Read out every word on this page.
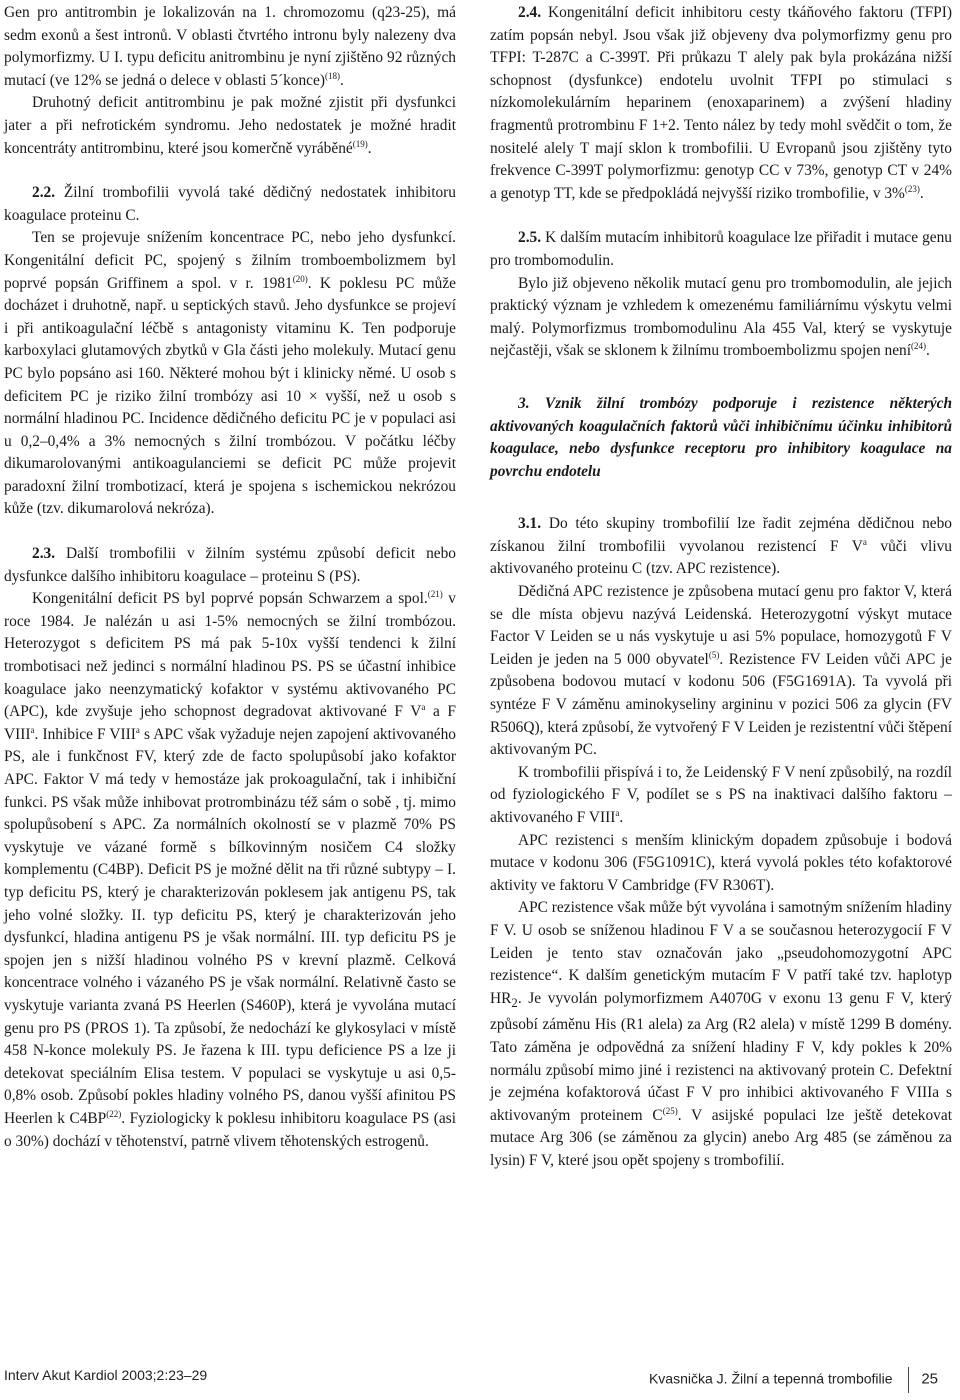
Gen pro antitrombin je lokalizován na 1. chromozomu (q23-25), má sedm exonů a šest intronů. V oblasti čtvrtého intronu byly nalezeny dva polymorfizmy. U I. typu deficitu anitrombinu je nyní zjištěno 92 různých mutací (ve 12% se jedná o delece v oblasti 5´konce)$^{(18)}$.

Druhotný deficit antitrombinu je pak možné zjistit při dysfunkci jater a při nefrotickém syndromu. Jeho nedostatek je možné hradit koncentráty antitrombinu, které jsou komerčně vyráběné$^{(19)}$.

2.2. Žilní trombofilii vyvolá také dědičný nedostatek inhibitoru koagulace proteinu C.

Ten se projevuje snížením koncentrace PC, nebo jeho dysfunkcí. Kongenitální deficit PC, spojený s žilním tromboembolizmem byl poprvé popsán Griffinem a spol. v r. 1981$^{(20)}$. K poklesu PC může docházet i druhotně, např. u septických stavů. Jeho dysfunkce se projeví i při antikoagulační léčbě s antagonisty vitaminu K. Ten podporuje karboxylaci glutamových zbytků v Gla části jeho molekuly. Mutací genu PC bylo popsáno asi 160. Některé mohou být i klinicky němé. U osob s deficitem PC je riziko žilní trombózy asi 10 × vyšší, než u osob s normální hladinou PC. Incidence dědičného deficitu PC je v populaci asi u 0,2–0,4% a 3% nemocných s žilní trombózou. V počátku léčby dikumarolovanými antikoagulanciemi se deficit PC může projevit paradoxní žilní trombotizací, která je spojena s ischemickou nekrózou kůže (tzv. dikumarolová nekróza).

2.3. Další trombofilii v žilním systému způsobí deficit nebo dysfunkce dalšího inhibitoru koagulace – proteinu S (PS).

Kongenitální deficit PS byl poprvé popsán Schwarzem a spol.$^{(21)}$ v roce 1984. Je nalézán u asi 1-5% nemocných se žilní trombózou. Heterozygot s deficitem PS má pak 5-10x vyšší tendenci k žilní trombotisaci než jedinci s normální hladinou PS. PS se účastní inhibice koagulace jako neenzymatický kofaktor v systému aktivovaného PC (APC), kde zvyšuje jeho schopnost degradovat aktivované F $V^a$ a F VIII$^a$. Inhibice F VIII$^a$ s APC však vyžaduje nejen zapojení aktivovaného PS, ale i funkčnost FV, který zde de facto spolupůsobí jako kofaktor APC. Faktor V má tedy v hemostáze jak prokoagulační, tak i inhibiční funkci. PS však může inhibovat protrombinázu též sám o sobě , tj. mimo spolupůsobení s APC. Za normálních okolností se v plazmě 70% PS vyskytuje ve vázané formě s bílkovinným nosičem C4 složky komplementu (C4BP). Deficit PS je možné dělit na tři různé subtypy – I. typ deficitu PS, který je charakterizován poklesem jak antigenu PS, tak jeho volné složky. II. typ deficitu PS, který je charakterizován jeho dysfunkcí, hladina antigenu PS je však normální. III. typ deficitu PS je spojen jen s nižší hladinou volného PS v krevní plazmě. Celková koncentrace volného i vázaného PS je však normální. Relativně často se vyskytuje varianta zvaná PS Heerlen (S460P), která je vyvolána mutací genu pro PS (PROS 1). Ta způsobí, že nedochází ke glykosylaci v místě 458 N-konce molekuly PS. Je řazena k III. typu deficience PS a lze ji detekovat speciálním Elisa testem. V populaci se vyskytuje u asi 0,5-0,8% osob. Způsobí pokles hladiny volného PS, danou vyšší afinitou PS Heerlen k C4BP$^{(22)}$. Fyziologicky k poklesu inhibitoru koagulace PS (asi o 30%) dochází v těhotenství, patrně vlivem těhotenských estrogenů.

2.4. Kongenitální deficit inhibitoru cesty tkáňového faktoru (TFPI) zatím popsán nebyl. Jsou však již objeveny dva polymorfizmy genu pro TFPI: T-287C a C-399T. Při průkazu T alely pak byla prokázána nižší schopnost (dysfunkce) endotelu uvolnit TFPI po stimulaci s nízkomolekulárním heparinem (enoxaparinem) a zvýšení hladiny fragmentů protrombinu F 1+2. Tento nález by tedy mohl svědčit o tom, že nositelé alely T mají sklon k trombofilii. U Evropanů jsou zjištěny tyto frekvence C-399T polymorfizmu: genotyp CC v 73%, genotyp CT v 24% a genotyp TT, kde se předpokládá nejvyšší riziko trombofilie, v 3%$^{(23)}$.

2.5. K dalším mutacím inhibitorů koagulace lze přiřadit i mutace genu pro trombomodulin.

Bylo již objeveno několik mutací genu pro trombomodulin, ale jejich praktický význam je vzhledem k omezenému familiárnímu výskytu velmi malý. Polymorfizmus trombomodulinu Ala 455 Val, který se vyskytuje nejčastěji, však se sklonem k žilnímu tromboembolizmu spojen není$^{(24)}$.

3. Vznik žilní trombózy podporuje i rezistence některých aktivovaných koagulačních faktorů vůči inhibičnímu účinku inhibitorů koagulace, nebo dysfunkce receptoru pro inhibitory koagulace na povrchu endotelu

3.1. Do této skupiny trombofilií lze řadit zejména dědičnou nebo získanou žilní trombofilii vyvolanou rezistencí F $V^a$ vůči vlivu aktivovaného proteinu C (tzv. APC rezistence).

Dědičná APC rezistence je způsobena mutací genu pro faktor V, která se dle místa objevu nazývá Leidenská. Heterozygotní výskyt mutace Factor V Leiden se u nás vyskytuje u asi 5% populace, homozygotů F V Leiden je jeden na 5 000 obyvatel$^{(5)}$. Rezistence FV Leiden vůči APC je způsobena bodovou mutací v kodonu 506 (F5G1691A). Ta vyvolá při syntéze F V záměnu aminokyseliny argininu v pozici 506 za glycin (FV R506Q), která způsobí, že vytvořený F V Leiden je rezistentní vůči štěpení aktivovaným PC.

K trombofilii přispívá i to, že Leidenský F V není způsobilý, na rozdíl od fyziologického F V, podílet se s PS na inaktivaci dalšího faktoru – aktivovaného F VIII$^a$.

APC rezistenci s menším klinickým dopadem způsobuje i bodová mutace v kodonu 306 (F5G1091C), která vyvolá pokles této kofaktorové aktivity ve faktoru V Cambridge (FV R306T).

APC rezistence však může být vyvolána i samotným snížením hladiny F V. U osob se sníženou hladinou F V a se současnou heterozygocií F V Leiden je tento stav označován jako „pseudohomozygotní APC rezistence“. K dalším genetickým mutacím F V patří také tzv. haplotyp $HR_2$. Je vyvolán polymorfizmem A4070G v exonu 13 genu F V, který způsobí záměnu His (R1 alela) za Arg (R2 alela) v místě 1299 B domény. Tato záměna je odpovědná za snížení hladiny F V, kdy pokles k 20% normálu způsobí mimo jiné i rezistenci na aktivovaný protein C. Defektní je zejména kofaktorová účast F V pro inhibici aktivovaného F VIIIa s aktivovaným proteinem $C^{(25)}$. V asijské populaci lze ještě detekovat mutace Arg 306 (se záměnou za glycin) anebo Arg 485 (se záměnou za lysin) F V, které jsou opět spojeny s trombofilií.

Interv Akut Kardiol 2003;2:23–29	Kvasnička J. Žilní a tepenná trombofilie 25
